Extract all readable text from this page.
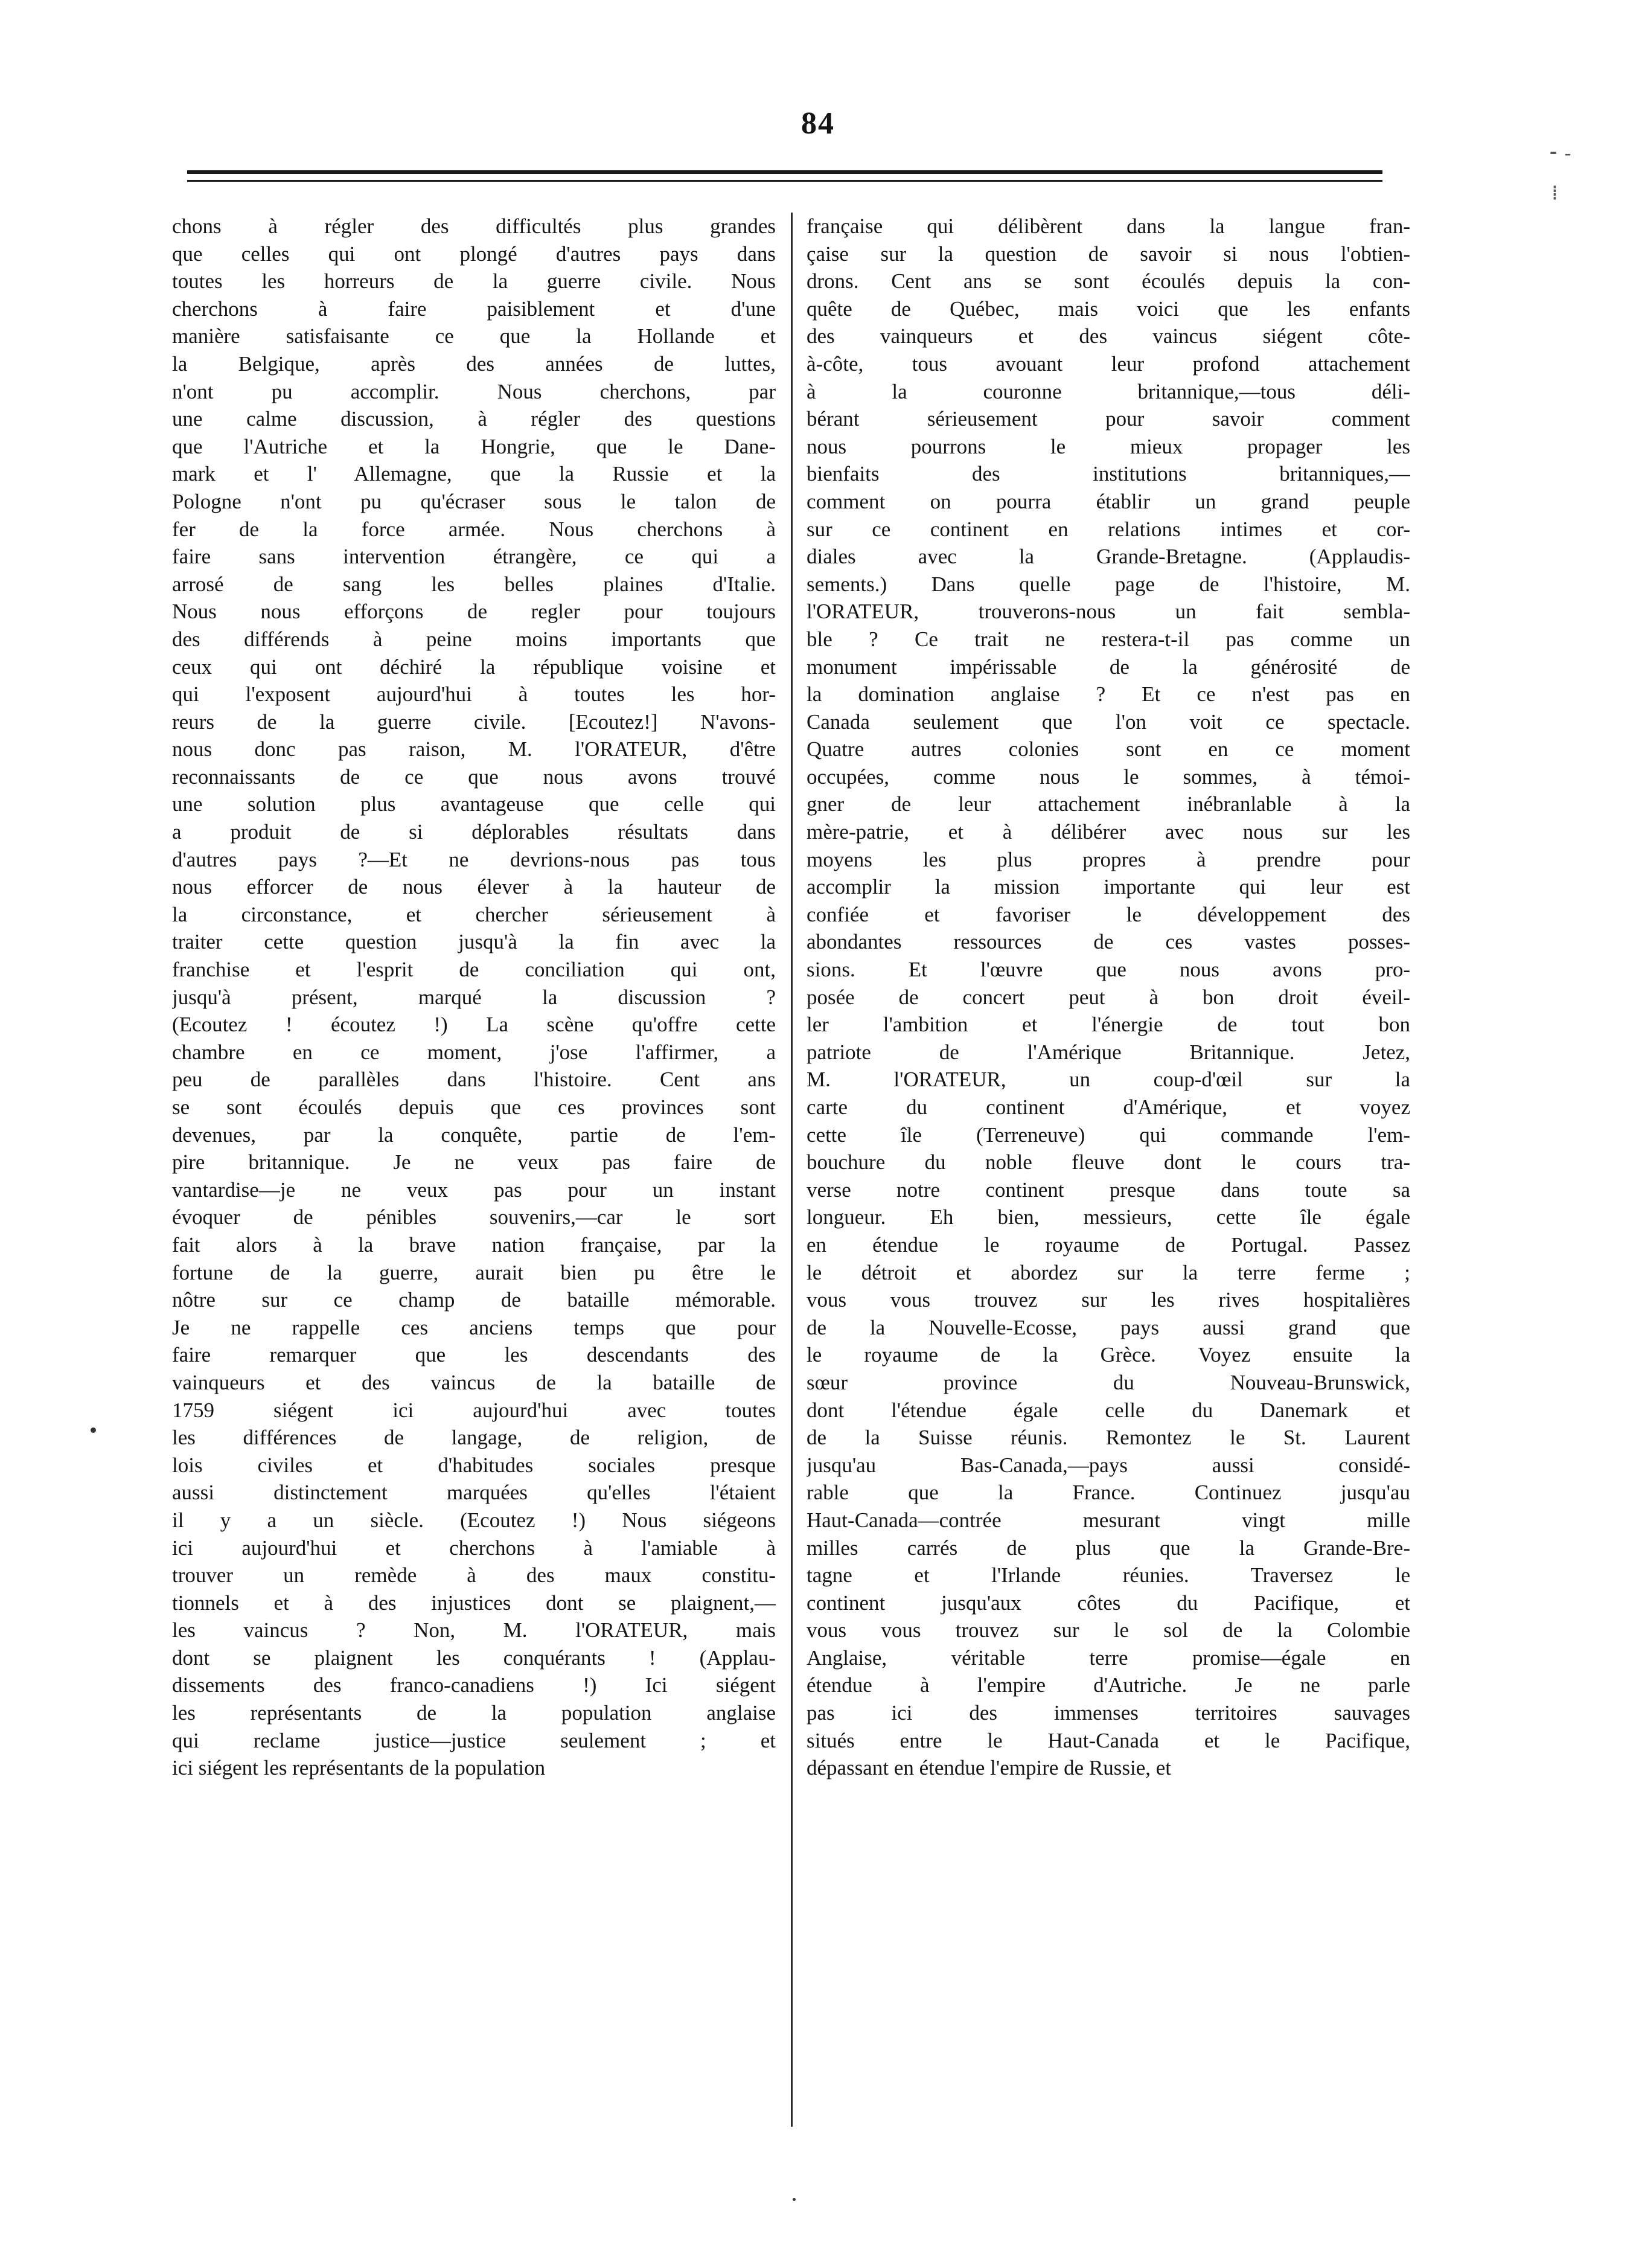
84
⁃ ‐
⁞
chons à régler des difficultés plus grandes
que celles qui ont plongé d'autres pays dans
toutes les horreurs de la guerre civile. Nous
cherchons à faire paisiblement et d'une
manière satisfaisante ce que la Hollande et
la Belgique, après des années de luttes,
n'ont pu accomplir. Nous cherchons, par
une calme discussion, à régler des questions
que l'Autriche et la Hongrie, que le Dane-
mark et l' Allemagne, que la Russie et la
Pologne n'ont pu qu'écraser sous le talon de
fer de la force armée. Nous cherchons à
faire sans intervention étrangère, ce qui a
arrosé de sang les belles plaines d'Italie.
Nous nous efforçons de regler pour toujours
des différends à peine moins importants que
ceux qui ont déchiré la république voisine et
qui l'exposent aujourd'hui à toutes les hor-
reurs de la guerre civile. [Ecoutez!] N'avons-
nous donc pas raison, M. l'ORATEUR, d'être
reconnaissants de ce que nous avons trouvé
une solution plus avantageuse que celle qui
a produit de si déplorables résultats dans
d'autres pays ?—Et ne devrions-nous pas tous
nous efforcer de nous élever à la hauteur de
la circonstance, et chercher sérieusement à
traiter cette question jusqu'à la fin avec la
franchise et l'esprit de conciliation qui ont,
jusqu'à présent, marqué la discussion ?
(Ecoutez ! écoutez !) La scène qu'offre cette
chambre en ce moment, j'ose l'affirmer, a
peu de parallèles dans l'histoire. Cent ans
se sont écoulés depuis que ces provinces sont
devenues, par la conquête, partie de l'em-
pire britannique. Je ne veux pas faire de
vantardise—je ne veux pas pour un instant
évoquer de pénibles souvenirs,—car le sort
fait alors à la brave nation française, par la
fortune de la guerre, aurait bien pu être le
nôtre sur ce champ de bataille mémorable.
Je ne rappelle ces anciens temps que pour
faire remarquer que les descendants des
vainqueurs et des vaincus de la bataille de
1759 siégent ici aujourd'hui avec toutes
les différences de langage, de religion, de
lois civiles et d'habitudes sociales presque
aussi distinctement marquées qu'elles l'étaient
il y a un siècle. (Ecoutez !) Nous siégeons
ici aujourd'hui et cherchons à l'amiable à
trouver un remède à des maux constitu-
tionnels et à des injustices dont se plaignent,—
les vaincus ? Non, M. l'ORATEUR, mais
dont se plaignent les conquérants ! (Applau-
dissements des franco-canadiens !) Ici siégent
les représentants de la population anglaise
qui reclame justice—justice seulement ; et
ici siégent les représentants de la population
française qui délibèrent dans la langue fran-
çaise sur la question de savoir si nous l'obtien-
drons. Cent ans se sont écoulés depuis la con-
quête de Québec, mais voici que les enfants
des vainqueurs et des vaincus siégent côte-
à-côte, tous avouant leur profond attachement
à la couronne britannique,—tous déli-
bérant sérieusement pour savoir comment
nous pourrons le mieux propager les
bienfaits des institutions britanniques,—
comment on pourra établir un grand peuple
sur ce continent en relations intimes et cor-
diales avec la Grande-Bretagne. (Applaudis-
sements.) Dans quelle page de l'histoire, M.
l'ORATEUR, trouverons-nous un fait sembla-
ble ? Ce trait ne restera-t-il pas comme un
monument impérissable de la générosité de
la domination anglaise ? Et ce n'est pas en
Canada seulement que l'on voit ce spectacle.
Quatre autres colonies sont en ce moment
occupées, comme nous le sommes, à témoi-
gner de leur attachement inébranlable à la
mère-patrie, et à délibérer avec nous sur les
moyens les plus propres à prendre pour
accomplir la mission importante qui leur est
confiée et favoriser le développement des
abondantes ressources de ces vastes posses-
sions. Et l'œuvre que nous avons pro-
posée de concert peut à bon droit éveil-
ler l'ambition et l'énergie de tout bon
patriote de l'Amérique Britannique. Jetez,
M. l'ORATEUR, un coup-d'œil sur la
carte du continent d'Amérique, et voyez
cette île (Terreneuve) qui commande l'em-
bouchure du noble fleuve dont le cours tra-
verse notre continent presque dans toute sa
longueur. Eh bien, messieurs, cette île égale
en étendue le royaume de Portugal. Passez
le détroit et abordez sur la terre ferme ;
vous vous trouvez sur les rives hospitalières
de la Nouvelle-Ecosse, pays aussi grand que
le royaume de la Grèce. Voyez ensuite la
sœur province du Nouveau-Brunswick,
dont l'étendue égale celle du Danemark et
de la Suisse réunis. Remontez le St. Laurent
jusqu'au Bas-Canada,—pays aussi considé-
rable que la France. Continuez jusqu'au
Haut-Canada—contrée mesurant vingt mille
milles carrés de plus que la Grande-Bre-
tagne et l'Irlande réunies. Traversez le
continent jusqu'aux côtes du Pacifique, et
vous vous trouvez sur le sol de la Colombie
Anglaise, véritable terre promise—égale en
étendue à l'empire d'Autriche. Je ne parle
pas ici des immenses territoires sauvages
situés entre le Haut-Canada et le Pacifique,
dépassant en étendue l'empire de Russie, et
